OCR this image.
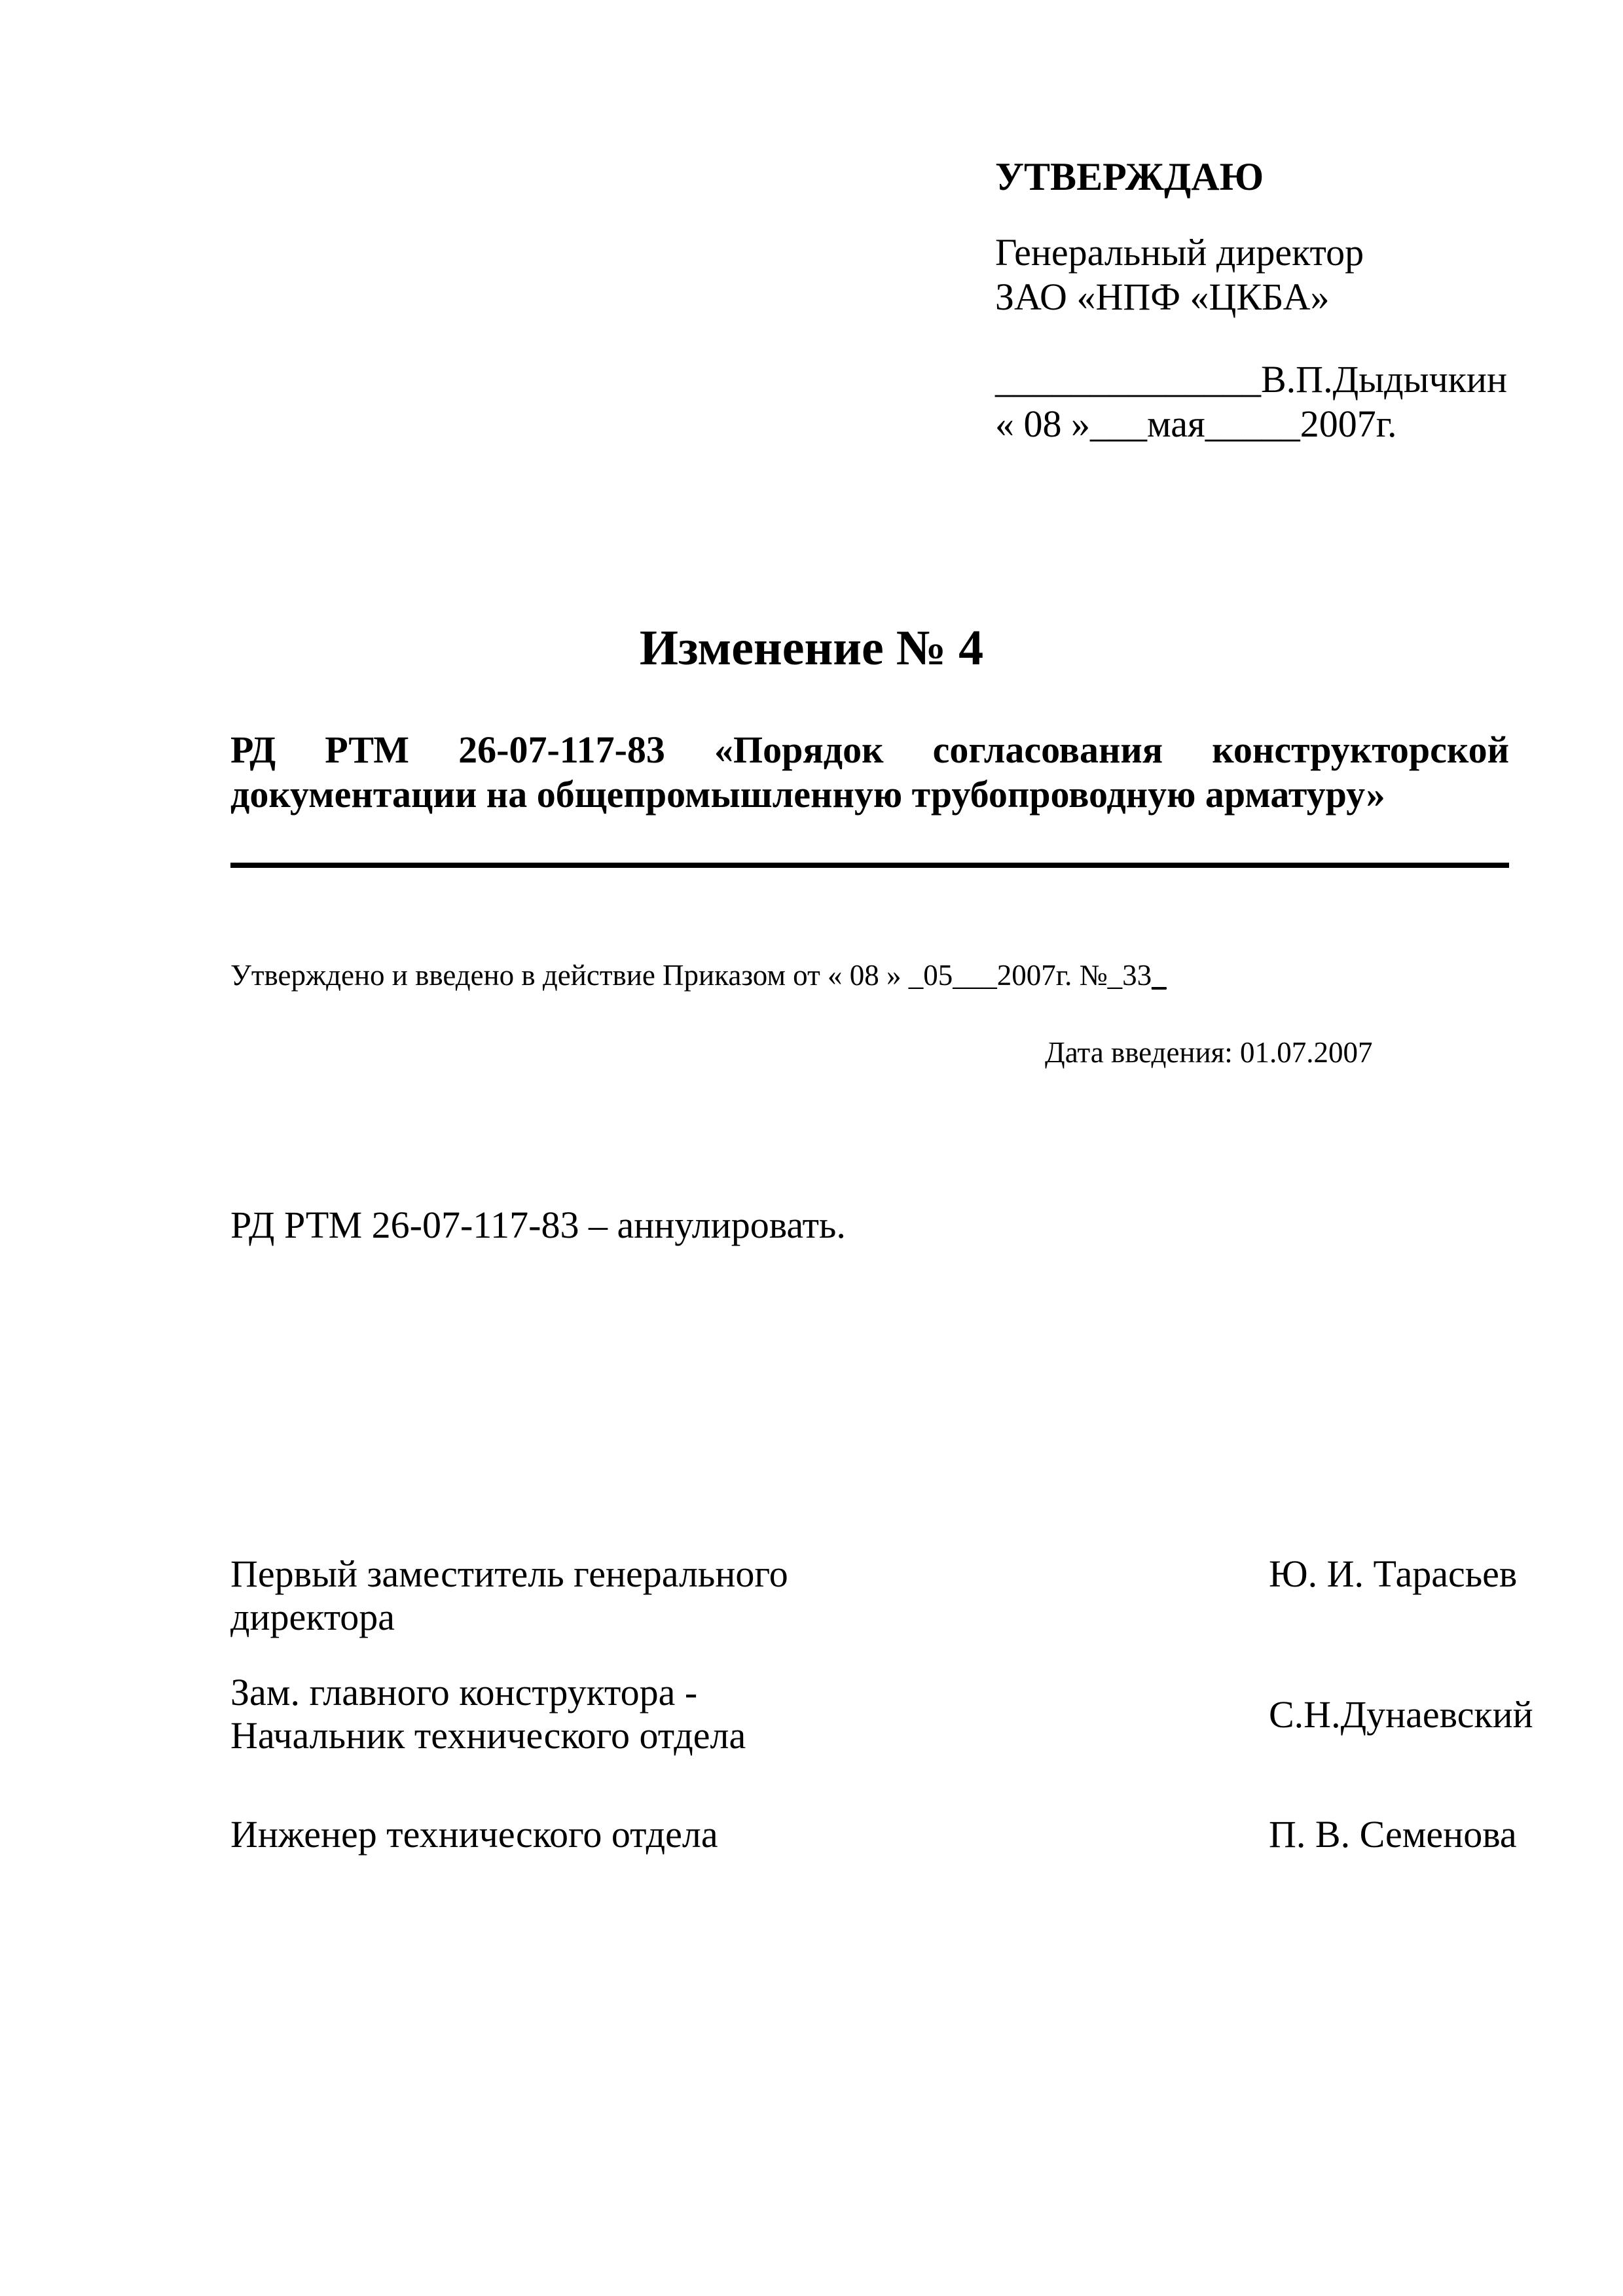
УТВЕРЖДАЮ
Генеральный директор
ЗАО «НПФ «ЦКБА»
______________В.П.Дыдычкин
« 08 »___мая_____2007г.
Изменение № 4
РД РТМ 26-07-117-83 «Порядок согласования конструкторской документации на общепромышленную трубопроводную арматуру»
Утверждено и введено в действие Приказом от « 08 » _05___2007г. №_33_
Дата введения: 01.07.2007
РД РТМ 26-07-117-83 – аннулировать.
Первый заместитель генерального
директора
Ю. И. Тарасьев
Зам. главного конструктора -
Начальник технического отдела	С.Н.Дунаевский
Инженер технического отдела	П. В. Семенова
